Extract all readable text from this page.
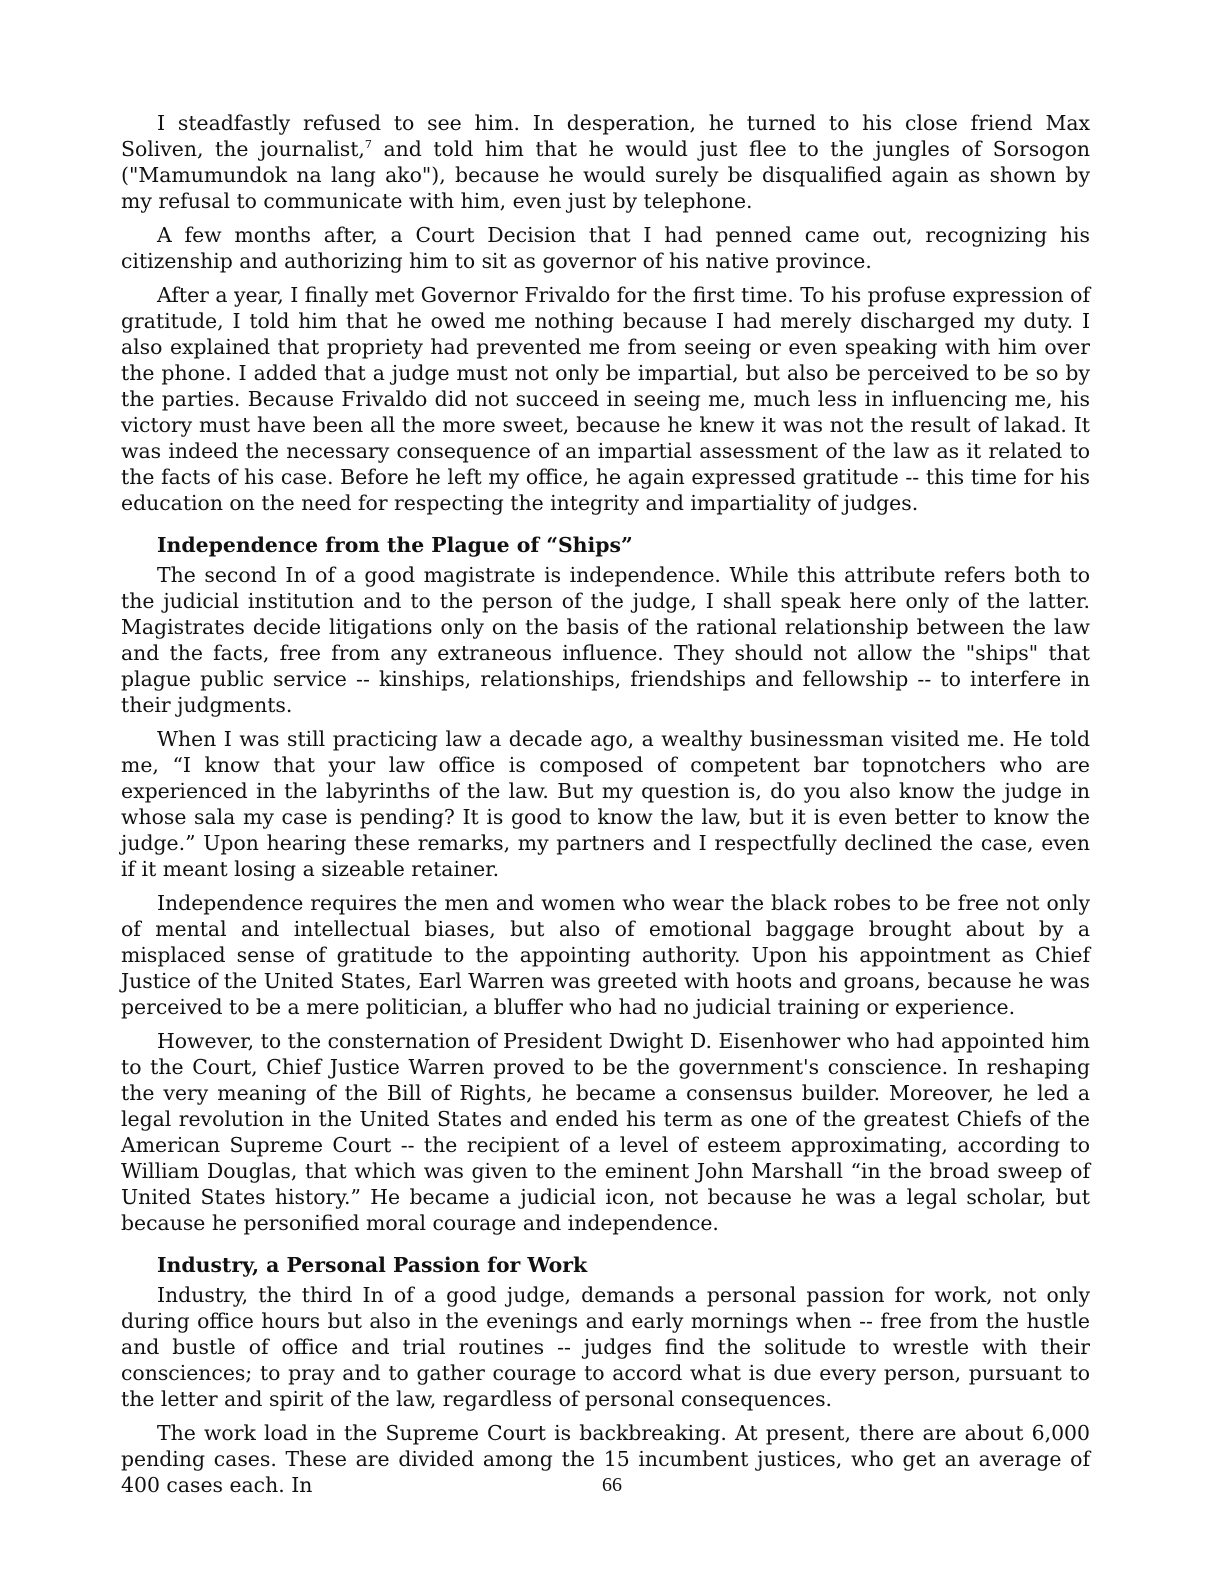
I steadfastly refused to see him. In desperation, he turned to his close friend Max Soliven, the journalist,$^7$ and told him that he would just flee to the jungles of Sorsogon ("Mamumundok na lang ako"), because he would surely be disqualified again as shown by my refusal to communicate with him, even just by telephone.

A few months after, a Court Decision that I had penned came out, recognizing his citizenship and authorizing him to sit as governor of his native province.

After a year, I finally met Governor Frivaldo for the first time. To his profuse expression of gratitude, I told him that he owed me nothing because I had merely discharged my duty. I also explained that propriety had prevented me from seeing or even speaking with him over the phone. I added that a judge must not only be impartial, but also be perceived to be so by the parties. Because Frivaldo did not succeed in seeing me, much less in influencing me, his victory must have been all the more sweet, because he knew it was not the result of lakad. It was indeed the necessary consequence of an impartial assessment of the law as it related to the facts of his case. Before he left my office, he again expressed gratitude -- this time for his education on the need for respecting the integrity and impartiality of judges.

Independence from the Plague of “Ships”

The second In of a good magistrate is independence. While this attribute refers both to the judicial institution and to the person of the judge, I shall speak here only of the latter. Magistrates decide litigations only on the basis of the rational relationship between the law and the facts, free from any extraneous influence. They should not allow the "ships" that plague public service -- kinships, relationships, friendships and fellowship -- to interfere in their judgments.

When I was still practicing law a decade ago, a wealthy businessman visited me. He told me, “I know that your law office is composed of competent bar topnotchers who are experienced in the labyrinths of the law. But my question is, do you also know the judge in whose sala my case is pending? It is good to know the law, but it is even better to know the judge.” Upon hearing these remarks, my partners and I respectfully declined the case, even if it meant losing a sizeable retainer.

Independence requires the men and women who wear the black robes to be free not only of mental and intellectual biases, but also of emotional baggage brought about by a misplaced sense of gratitude to the appointing authority. Upon his appointment as Chief Justice of the United States, Earl Warren was greeted with hoots and groans, because he was perceived to be a mere politician, a bluffer who had no judicial training or experience.

However, to the consternation of President Dwight D. Eisenhower who had appointed him to the Court, Chief Justice Warren proved to be the government's conscience. In reshaping the very meaning of the Bill of Rights, he became a consensus builder. Moreover, he led a legal revolution in the United States and ended his term as one of the greatest Chiefs of the American Supreme Court -- the recipient of a level of esteem approximating, according to William Douglas, that which was given to the eminent John Marshall “in the broad sweep of United States history.” He became a judicial icon, not because he was a legal scholar, but because he personified moral courage and independence.

Industry, a Personal Passion for Work

Industry, the third In of a good judge, demands a personal passion for work, not only during office hours but also in the evenings and early mornings when -- free from the hustle and bustle of office and trial routines -- judges find the solitude to wrestle with their consciences; to pray and to gather courage to accord what is due every person, pursuant to the letter and spirit of the law, regardless of personal consequences.

The work load in the Supreme Court is backbreaking. At present, there are about 6,000 pending cases. These are divided among the 15 incumbent justices, who get an average of 400 cases each. In	66
